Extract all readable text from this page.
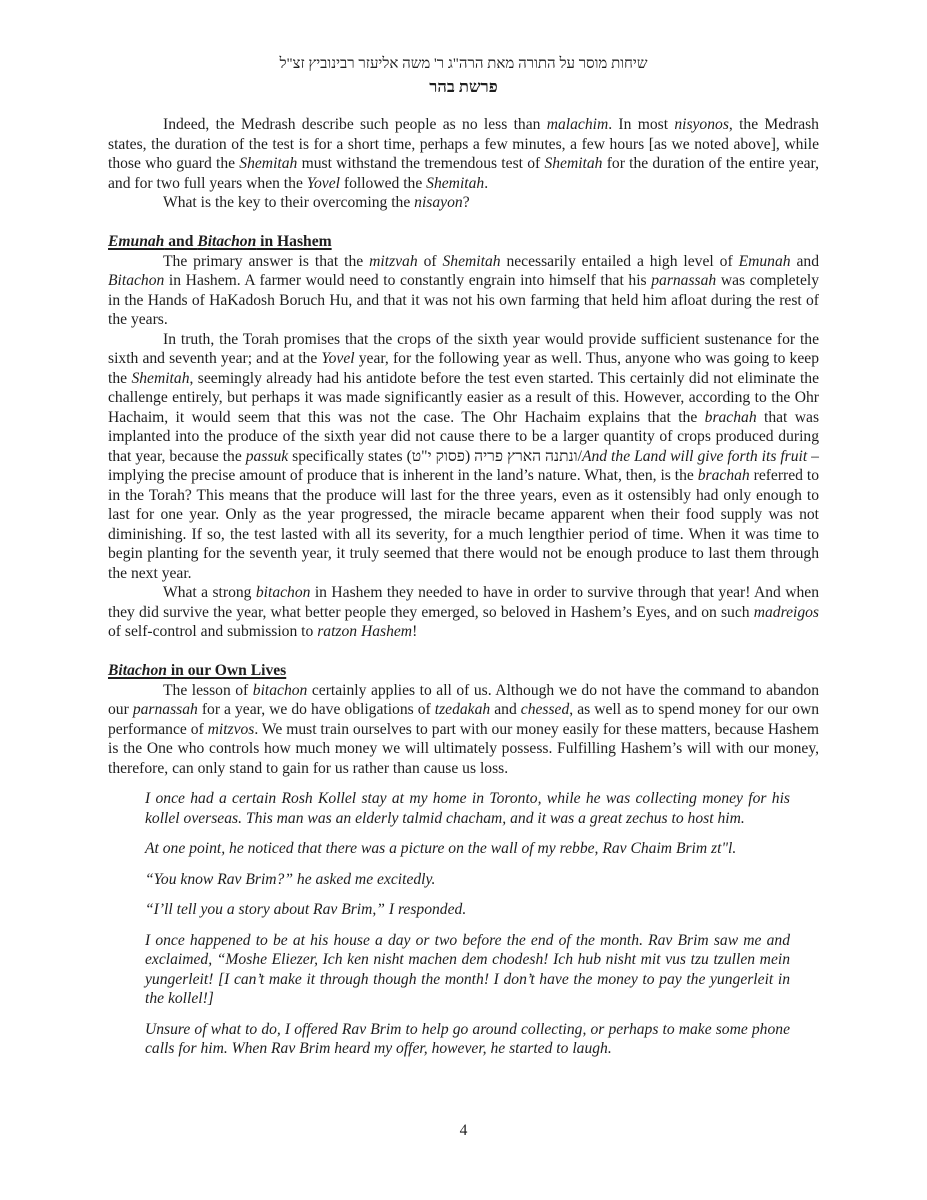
שיחות מוסר על התורה מאת הרה"ג ר' משה אליעזר רבינוביץ זצ"ל
פרשת בהר
Indeed, the Medrash describe such people as no less than malachim. In most nisyonos, the Medrash states, the duration of the test is for a short time, perhaps a few minutes, a few hours [as we noted above], while those who guard the Shemitah must withstand the tremendous test of Shemitah for the duration of the entire year, and for two full years when the Yovel followed the Shemitah.
What is the key to their overcoming the nisayon?
Emunah and Bitachon in Hashem
The primary answer is that the mitzvah of Shemitah necessarily entailed a high level of Emunah and Bitachon in Hashem. A farmer would need to constantly engrain into himself that his parnassah was completely in the Hands of HaKadosh Boruch Hu, and that it was not his own farming that held him afloat during the rest of the years.
In truth, the Torah promises that the crops of the sixth year would provide sufficient sustenance for the sixth and seventh year; and at the Yovel year, for the following year as well. Thus, anyone who was going to keep the Shemitah, seemingly already had his antidote before the test even started. This certainly did not eliminate the challenge entirely, but perhaps it was made significantly easier as a result of this. However, according to the Ohr Hachaim, it would seem that this was not the case. The Ohr Hachaim explains that the brachah that was implanted into the produce of the sixth year did not cause there to be a larger quantity of crops produced during that year, because the passuk specifically states ונתנה הארץ פריה (פסוק י"ט)/And the Land will give forth its fruit – implying the precise amount of produce that is inherent in the land’s nature. What, then, is the brachah referred to in the Torah? This means that the produce will last for the three years, even as it ostensibly had only enough to last for one year. Only as the year progressed, the miracle became apparent when their food supply was not diminishing. If so, the test lasted with all its severity, for a much lengthier period of time. When it was time to begin planting for the seventh year, it truly seemed that there would not be enough produce to last them through the next year.
What a strong bitachon in Hashem they needed to have in order to survive through that year! And when they did survive the year, what better people they emerged, so beloved in Hashem’s Eyes, and on such madreigos of self-control and submission to ratzon Hashem!
Bitachon in our Own Lives
The lesson of bitachon certainly applies to all of us. Although we do not have the command to abandon our parnassah for a year, we do have obligations of tzedakah and chessed, as well as to spend money for our own performance of mitzvos. We must train ourselves to part with our money easily for these matters, because Hashem is the One who controls how much money we will ultimately possess. Fulfilling Hashem’s will with our money, therefore, can only stand to gain for us rather than cause us loss.
I once had a certain Rosh Kollel stay at my home in Toronto, while he was collecting money for his kollel overseas. This man was an elderly talmid chacham, and it was a great zechus to host him.
At one point, he noticed that there was a picture on the wall of my rebbe, Rav Chaim Brim zt"l.
“You know Rav Brim?” he asked me excitedly.
“I’ll tell you a story about Rav Brim,” I responded.
I once happened to be at his house a day or two before the end of the month. Rav Brim saw me and exclaimed, “Moshe Eliezer, Ich ken nisht machen dem chodesh! Ich hub nisht mit vus tzu tzullen mein yungerleit! [I can’t make it through though the month! I don’t have the money to pay the yungerleit in the kollel!]
Unsure of what to do, I offered Rav Brim to help go around collecting, or perhaps to make some phone calls for him. When Rav Brim heard my offer, however, he started to laugh.
4
